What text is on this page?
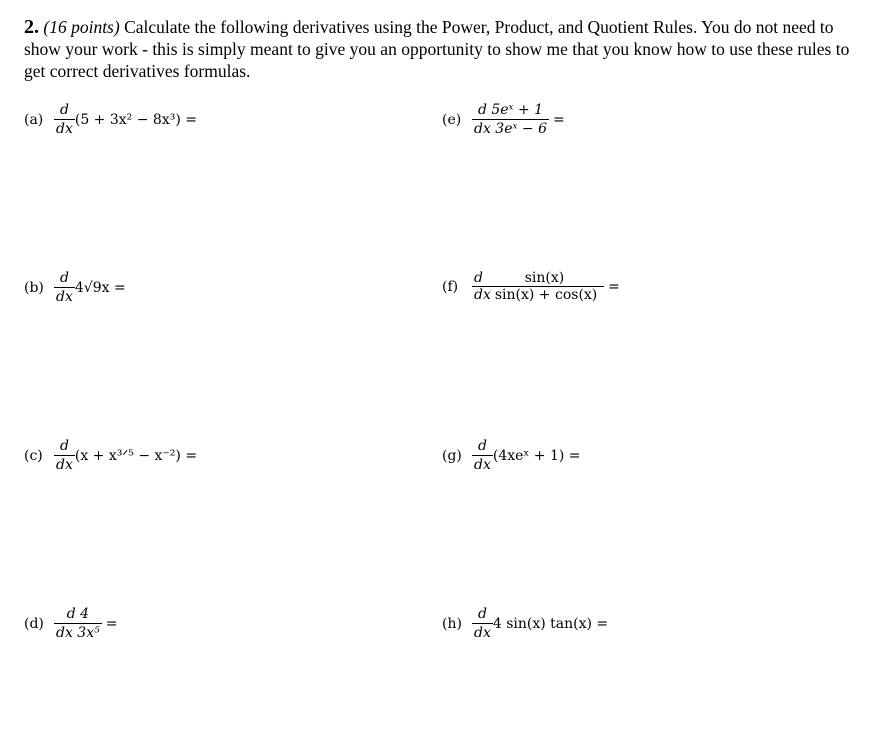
2. (16 points) Calculate the following derivatives using the Power, Product, and Quotient Rules. You do not need to show your work - this is simply meant to give you an opportunity to show me that you know how to use these rules to get correct derivatives formulas.
$(a) \frac{d}{dx} (5 + 3x^2 - 8x^3)$ =
$(b) \frac{d}{dx} 4√9x$ =
$(c) \frac{d}{dx} (x$ + x³ᐟ⁵ − x⁻²) =
$(d) \frac{d 4}{\text{dx 3x⁵}}$ =
$(e) \frac{\text{d 5eˣ + 1}}{\text{dx 3eˣ − 6}}$ =
(f)
d	sin(x)
dx sin(x) + cos(x)
=
$(g) \frac{d}{dx}$ (4xeˣ + 1) =
$(h) \frac{d}{dx} 4$ sin(x) tan(x) =
